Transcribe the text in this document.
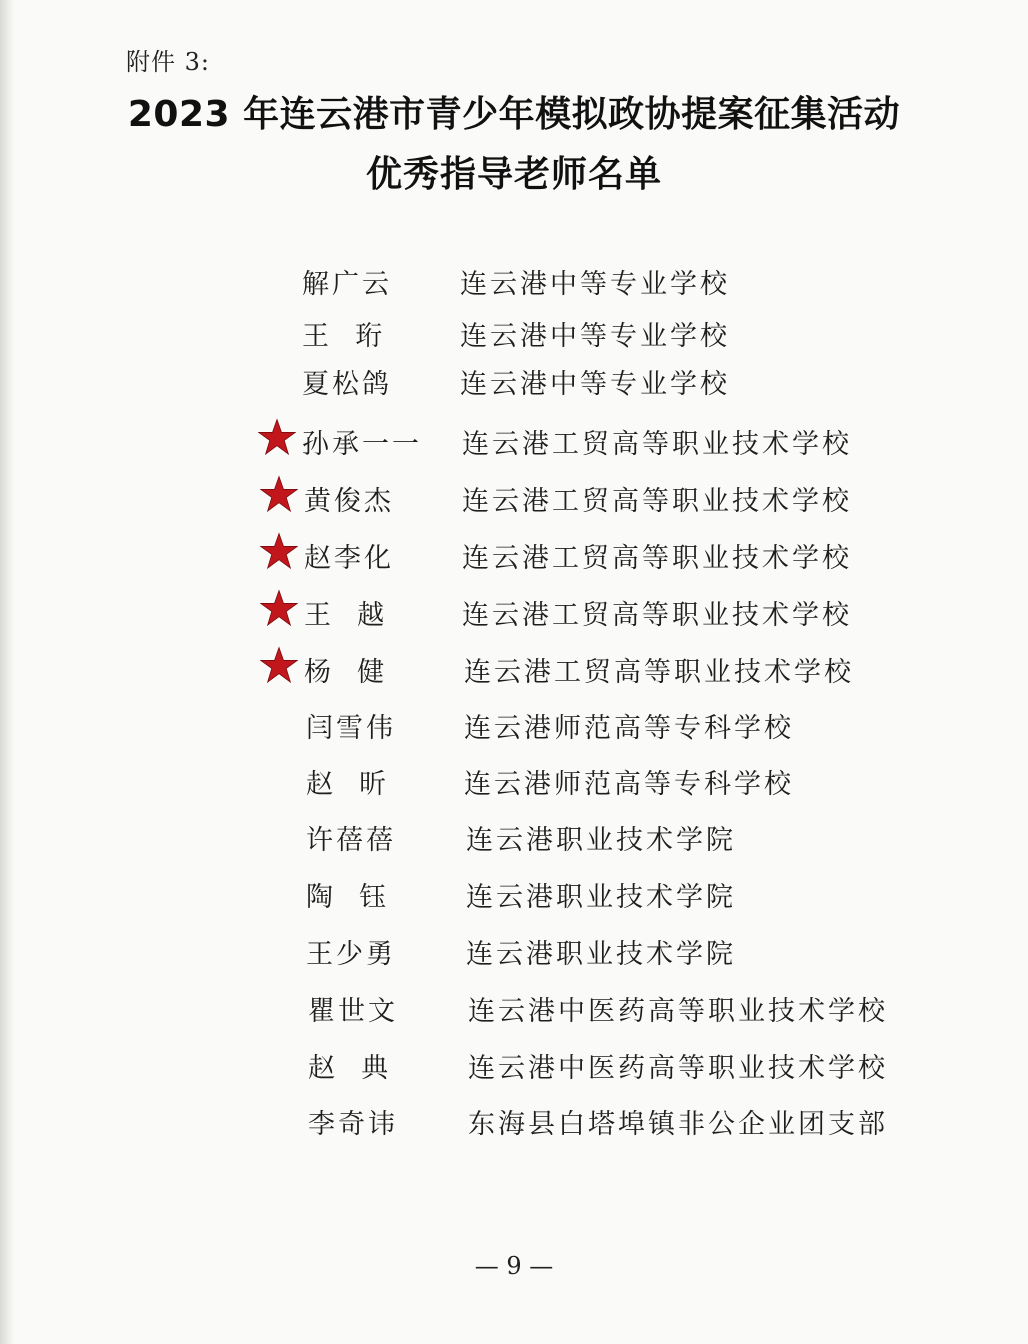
附件 3:
2023 年连云港市青少年模拟政协提案征集活动
优秀指导老师名单
解广云	连云港中等专业学校
王  珩	连云港中等专业学校
夏松鸽	连云港中等专业学校
孙承一一 连云港工贸高等职业技术学校
黄俊杰	连云港工贸高等职业技术学校
赵李化	连云港工贸高等职业技术学校
王  越	连云港工贸高等职业技术学校
杨  健	连云港工贸高等职业技术学校
闫雪伟	连云港师范高等专科学校
赵  昕	连云港师范高等专科学校
许蓓蓓	连云港职业技术学院
陶  钰	连云港职业技术学院
王少勇	连云港职业技术学院
瞿世文	连云港中医药高等职业技术学校
赵  典	连云港中医药高等职业技术学校
李奇讳	东海县白塔埠镇非公企业团支部
— 9 —
